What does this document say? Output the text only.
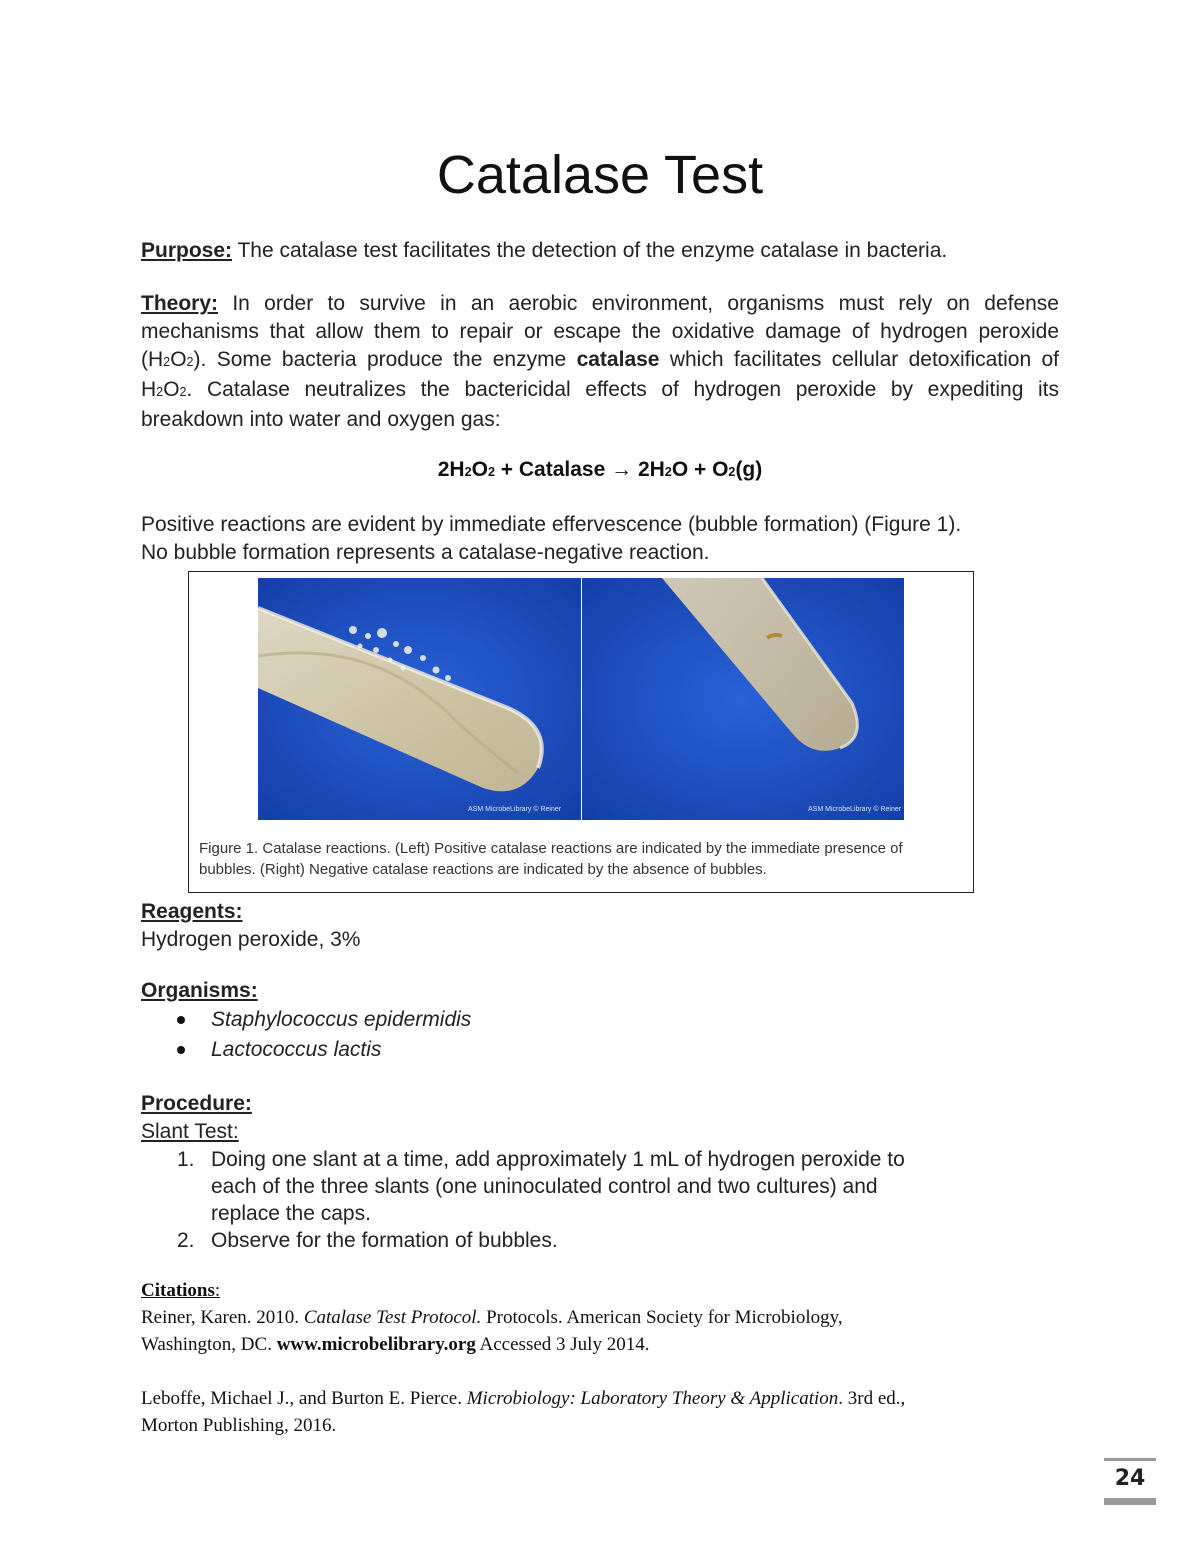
Catalase Test
Purpose: The catalase test facilitates the detection of the enzyme catalase in bacteria.
Theory: In order to survive in an aerobic environment, organisms must rely on defense mechanisms that allow them to repair or escape the oxidative damage of hydrogen peroxide (H2O2). Some bacteria produce the enzyme catalase which facilitates cellular detoxification of H2O2. Catalase neutralizes the bactericidal effects of hydrogen peroxide by expediting its breakdown into water and oxygen gas:
2H2O2 + Catalase → 2H2O + O2(g)
Positive reactions are evident by immediate effervescence (bubble formation) (Figure 1).
No bubble formation represents a catalase-negative reaction.
ASM MicrobeLibrary © Reiner	ASM MicrobeLibrary © Reiner
Figure 1. Catalase reactions. (Left) Positive catalase reactions are indicated by the immediate presence of bubbles. (Right) Negative catalase reactions are indicated by the absence of bubbles.
Reagents:
Hydrogen peroxide, 3%
Organisms:
Staphylococcus epidermidis
Lactococcus lactis
Procedure:
Slant Test:
1. Doing one slant at a time, add approximately 1 mL of hydrogen peroxide to
each of the three slants (one uninoculated control and two cultures) and
replace the caps.
2. Observe for the formation of bubbles.
Citations:
Reiner, Karen. 2010. Catalase Test Protocol. Protocols. American Society for Microbiology,
Washington, DC. www.microbelibrary.org Accessed 3 July 2014.
Leboffe, Michael J., and Burton E. Pierce. Microbiology: Laboratory Theory & Application. 3rd ed.,
Morton Publishing, 2016.
24
